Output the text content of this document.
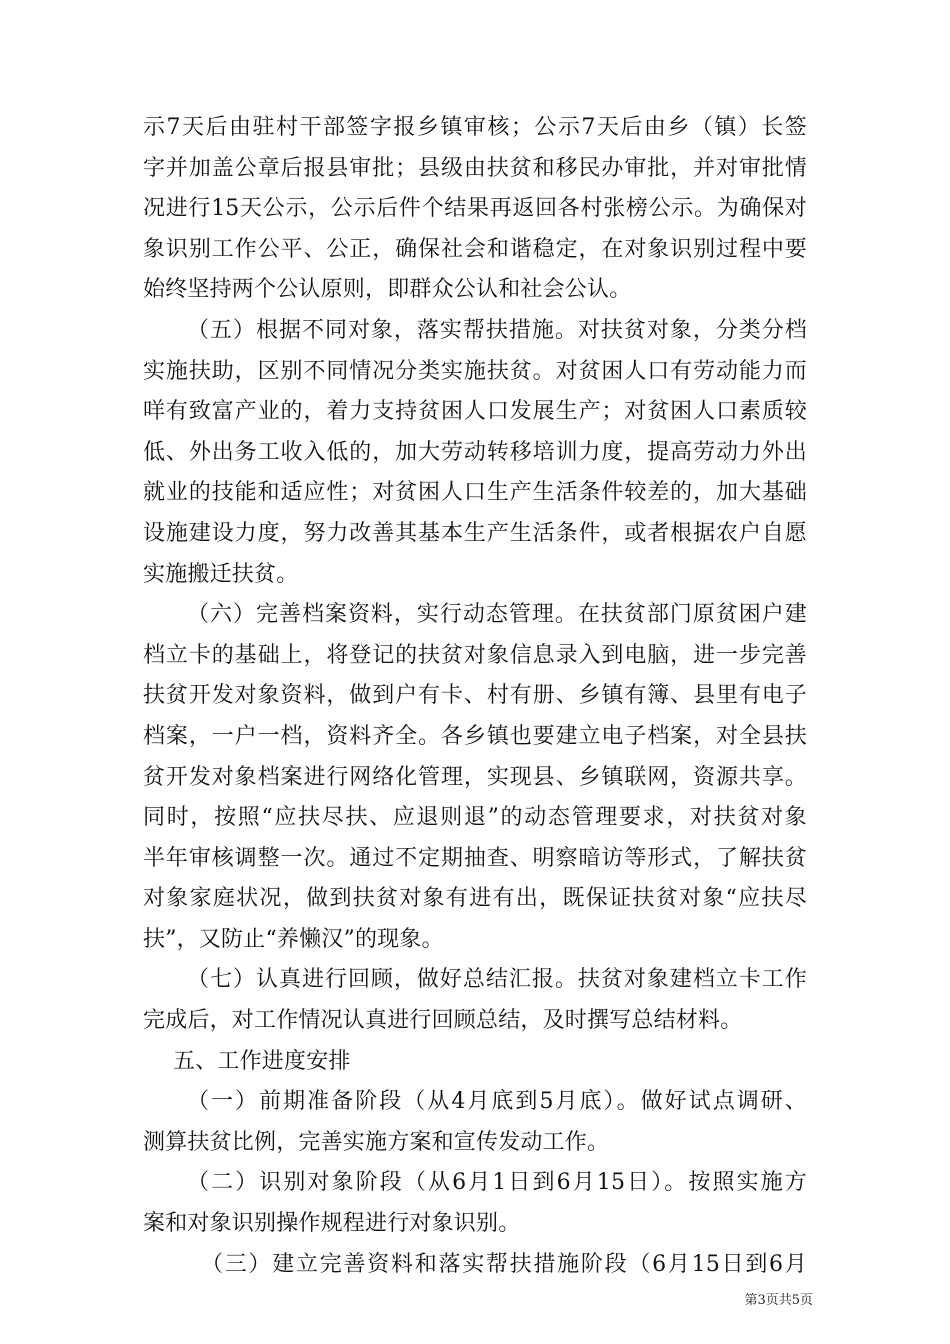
示7天后由驻村干部签字报乡镇审核；公示7天后由乡（镇）长签
字并加盖公章后报县审批；县级由扶贫和移民办审批，并对审批情
况进行15天公示，公示后件个结果再返回各村张榜公示。为确保对
象识别工作公平、公正，确保社会和谐稳定，在对象识别过程中要
始终坚持两个公认原则，即群众公认和社会公认。
（五）根据不同对象，落实帮扶措施。对扶贫对象，分类分档
实施扶助，区别不同情况分类实施扶贫。对贫困人口有劳动能力而
咩有致富产业的，着力支持贫困人口发展生产；对贫困人口素质较
低、外出务工收入低的，加大劳动转移培训力度，提高劳动力外出
就业的技能和适应性；对贫困人口生产生活条件较差的，加大基础
设施建设力度，努力改善其基本生产生活条件，或者根据农户自愿
实施搬迁扶贫。
（六）完善档案资料，实行动态管理。在扶贫部门原贫困户建
档立卡的基础上，将登记的扶贫对象信息录入到电脑，进一步完善
扶贫开发对象资料，做到户有卡、村有册、乡镇有簿、县里有电子
档案，一户一档，资料齐全。各乡镇也要建立电子档案，对全县扶
贫开发对象档案进行网络化管理，实现县、乡镇联网，资源共享。
同时，按照“应扶尽扶、应退则退”的动态管理要求，对扶贫对象
半年审核调整一次。通过不定期抽查、明察暗访等形式，了解扶贫
对象家庭状况，做到扶贫对象有进有出，既保证扶贫对象“应扶尽
扶”，又防止“养懒汉”的现象。
（七）认真进行回顾，做好总结汇报。扶贫对象建档立卡工作
完成后，对工作情况认真进行回顾总结，及时撰写总结材料。
五、工作进度安排
（一）前期准备阶段（从4月底到5月底）。做好试点调研、
测算扶贫比例，完善实施方案和宣传发动工作。
（二）识别对象阶段（从6月1日到6月15日）。按照实施方
案和对象识别操作规程进行对象识别。
（三）建立完善资料和落实帮扶措施阶段（6月15日到6月
第3页共5页
